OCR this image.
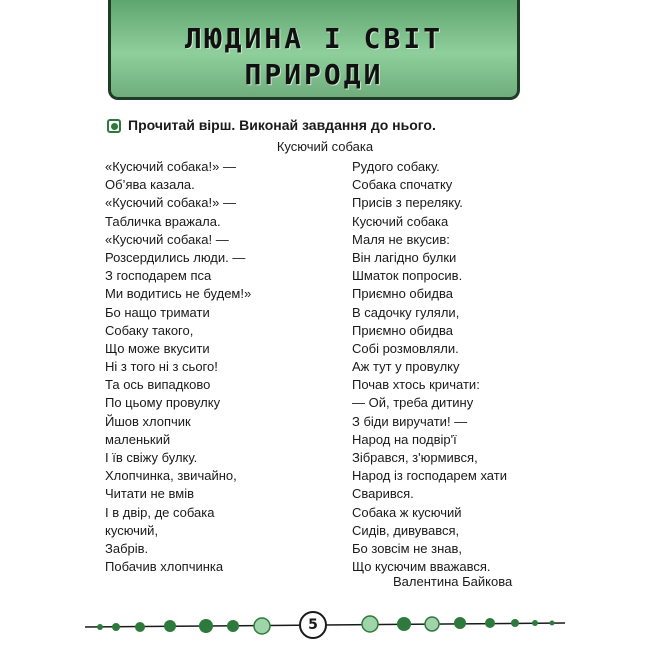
ЛЮДИНА І СВІТ
ПРИРОДИ
Прочитай вірш. Виконай завдання до нього.
Кусючий собака
«Кусючий собака!» —
Об’ява казала.
«Кусючий собака!» —
Табличка вражала.
«Кусючий собака! —
Розсердились люди. —
З господарем пса
Ми водитись не будем!»
Бо нащо тримати
Собаку такого,
Що може вкусити
Ні з того ні з сього!
Та ось випадково
По цьому провулку
Йшов хлопчик
маленький
І їв свіжу булку.
Хлопчинка, звичайно,
Читати не вмів
І в двір, де собака
кусючий,
Забрів.
Побачив хлопчинка
Рудого собаку.
Собака спочатку
Присів з переляку.
Кусючий собака
Маля не вкусив:
Він лагідно булки
Шматок попросив.
Приємно обидва
В садочку гуляли,
Приємно обидва
Собі розмовляли.
Аж тут у провулку
Почав хтось кричати:
— Ой, треба дитину
З біди виручати! —
Народ на подвір'ї
Зібрався, з'юрмився,
Народ із господарем хати
Сварився.
Собака ж кусючий
Сидів, дивувався,
Бо зовсім не знав,
Що кусючим вважався.
Валентина Байкова
5
